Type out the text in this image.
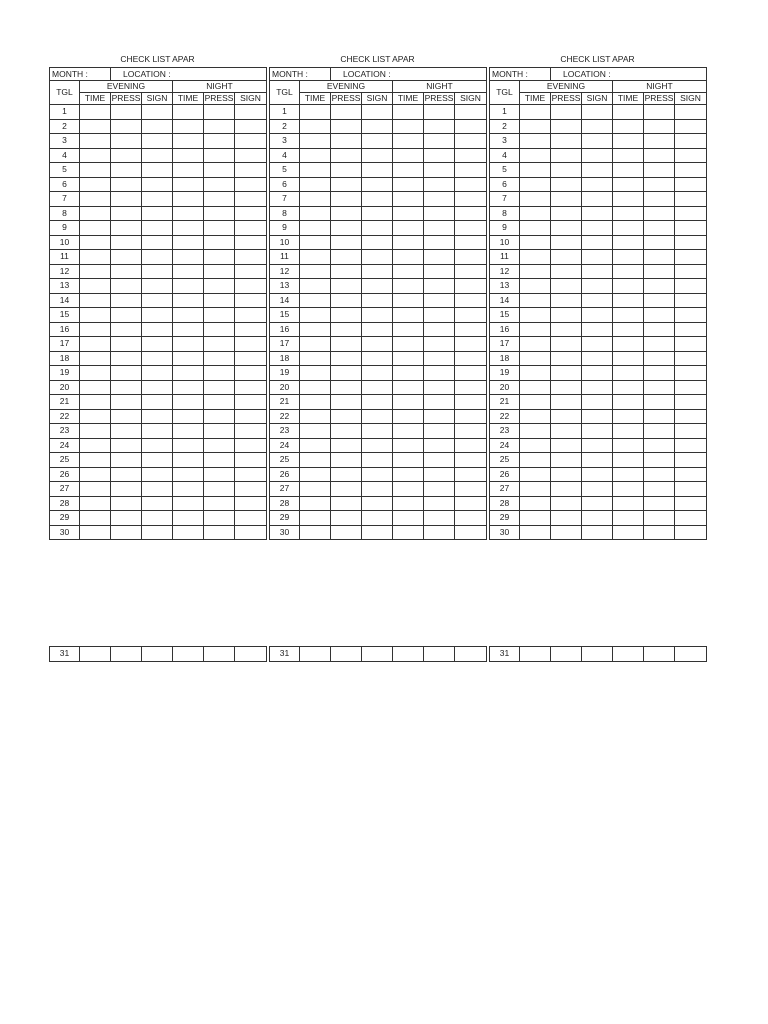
CHECK LIST APAR
MONTH :		LOCATION :				
TGL	EVENING			NIGHT		
	TIME	PRESS	SIGN	TIME	PRESS	SIGN
1						
2						
3						
4						
5						
6						
7						
8						
9						
10						
11						
12						
13						
14						
15						
16						
17						
18						
19						
20						
21						
22						
23						
24						
25						
26						
27						
28						
29						
30						
31						
CHECK LIST APAR
MONTH :		LOCATION :				
TGL	EVENING			NIGHT		
	TIME	PRESS	SIGN	TIME	PRESS	SIGN
1						
2						
3						
4						
5						
6						
7						
8						
9						
10						
11						
12						
13						
14						
15						
16						
17						
18						
19						
20						
21						
22						
23						
24						
25						
26						
27						
28						
29						
30						
31						
CHECK LIST APAR
MONTH :		LOCATION :				
TGL	EVENING			NIGHT		
	TIME	PRESS	SIGN	TIME	PRESS	SIGN
1						
2						
3						
4						
5						
6						
7						
8						
9						
10						
11						
12						
13						
14						
15						
16						
17						
18						
19						
20						
21						
22						
23						
24						
25						
26						
27						
28						
29						
30						
31						
